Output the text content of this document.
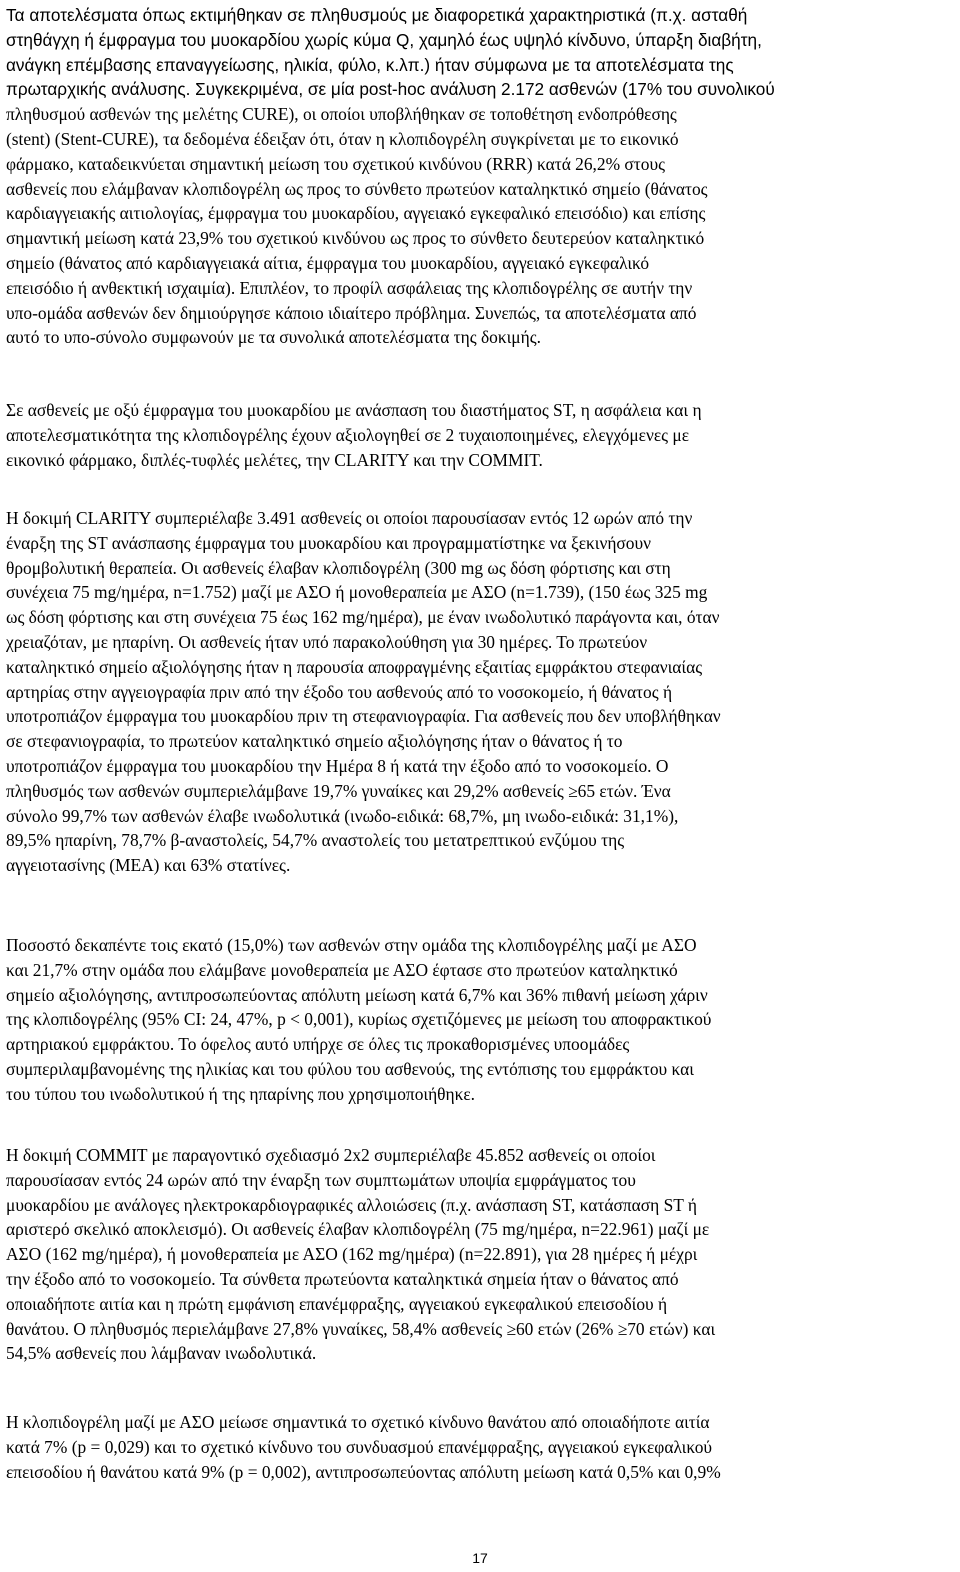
Τα αποτελέσματα όπως εκτιμήθηκαν σε πληθυσμούς με διαφορετικά χαρακτηριστικά (π.χ. ασταθή
στηθάγχη ή έμφραγμα του μυοκαρδίου χωρίς κύμα Q, χαμηλό έως υψηλό κίνδυνο, ύπαρξη διαβήτη,
ανάγκη επέμβασης επαναγγείωσης, ηλικία, φύλο, κ.λπ.) ήταν σύμφωνα με τα αποτελέσματα της
πρωταρχικής ανάλυσης. Συγκεκριμένα, σε μία post-hoc ανάλυση 2.172 ασθενών (17% του συνολικού
πληθυσμού ασθενών της μελέτης CURE), οι οποίοι υποβλήθηκαν σε τοποθέτηση ενδοπρόθεσης
(stent) (Stent-CURE), τα δεδομένα έδειξαν ότι, όταν η κλοπιδογρέλη συγκρίνεται με το εικονικό
φάρμακο, καταδεικνύεται σημαντική μείωση του σχετικού κινδύνου (RRR) κατά 26,2% στους
ασθενείς που ελάμβαναν κλοπιδογρέλη ως προς το σύνθετο πρωτεύον καταληκτικό σημείο (θάνατος
καρδιαγγειακής αιτιολογίας, έμφραγμα του μυοκαρδίου, αγγειακό εγκεφαλικό επεισόδιο) και επίσης
σημαντική μείωση κατά 23,9% του σχετικού κινδύνου ως προς το σύνθετο δευτερεύον καταληκτικό
σημείο (θάνατος από καρδιαγγειακά αίτια, έμφραγμα του μυοκαρδίου, αγγειακό εγκεφαλικό
επεισόδιο ή ανθεκτική ισχαιμία). Επιπλέον, το προφίλ ασφάλειας της κλοπιδογρέλης σε αυτήν την
υπο-ομάδα ασθενών δεν δημιούργησε κάποιο ιδιαίτερο πρόβλημα. Συνεπώς, τα αποτελέσματα από
αυτό το υπο-σύνολο συμφωνούν με τα συνολικά αποτελέσματα της δοκιμής.

Σε ασθενείς με οξύ έμφραγμα του μυοκαρδίου με ανάσπαση του διαστήματος ST, η ασφάλεια και η
αποτελεσματικότητα της κλοπιδογρέλης έχουν αξιολογηθεί σε 2 τυχαιοποιημένες, ελεγχόμενες με
εικονικό φάρμακο, διπλές-τυφλές μελέτες, την CLARITY και την COMMIT.

Η δοκιμή CLARITY συμπεριέλαβε 3.491 ασθενείς οι οποίοι παρουσίασαν εντός 12 ωρών από την
έναρξη της ST ανάσπασης έμφραγμα του μυοκαρδίου και προγραμματίστηκε να ξεκινήσουν
θρομβολυτική θεραπεία. Οι ασθενείς έλαβαν κλοπιδογρέλη (300 mg ως δόση φόρτισης και στη
συνέχεια 75 mg/ημέρα, n=1.752) μαζί με ΑΣΟ ή μονοθεραπεία με ΑΣΟ (n=1.739), (150 έως 325 mg
ως δόση φόρτισης και στη συνέχεια 75 έως 162 mg/ημέρα), με έναν ινωδολυτικό παράγοντα και, όταν
χρειαζόταν, με ηπαρίνη. Οι ασθενείς ήταν υπό παρακολούθηση για 30 ημέρες. Το πρωτεύον
καταληκτικό σημείο αξιολόγησης ήταν η παρουσία αποφραγμένης εξαιτίας εμφράκτου στεφανιαίας
αρτηρίας στην αγγειογραφία πριν από την έξοδο του ασθενούς από το νοσοκομείο, ή θάνατος ή
υποτροπιάζον έμφραγμα του μυοκαρδίου πριν τη στεφανιογραφία. Για ασθενείς που δεν υποβλήθηκαν
σε στεφανιογραφία, το πρωτεύον καταληκτικό σημείο αξιολόγησης ήταν ο θάνατος ή το
υποτροπιάζον έμφραγμα του μυοκαρδίου την Ημέρα 8 ή κατά την έξοδο από το νοσοκομείο. Ο
πληθυσμός των ασθενών συμπεριελάμβανε 19,7% γυναίκες και 29,2% ασθενείς ≥65 ετών. Ένα
σύνολο 99,7% των ασθενών έλαβε ινωδολυτικά (ινωδο-ειδικά: 68,7%, μη ινωδο-ειδικά: 31,1%),
89,5% ηπαρίνη, 78,7% β-αναστολείς, 54,7% αναστολείς του μετατρεπτικού ενζύμου της
αγγειοτασίνης (ΜΕΑ) και 63% στατίνες.

Ποσοστό δεκαπέντε τοις εκατό (15,0%) των ασθενών στην ομάδα της κλοπιδογρέλης μαζί με ΑΣΟ
και 21,7% στην ομάδα που ελάμβανε μονοθεραπεία με ΑΣΟ έφτασε στο πρωτεύον καταληκτικό
σημείο αξιολόγησης, αντιπροσωπεύοντας απόλυτη μείωση κατά 6,7% και 36% πιθανή μείωση χάριν
της κλοπιδογρέλης (95% CI: 24, 47%, p < 0,001), κυρίως σχετιζόμενες με μείωση του αποφρακτικού
αρτηριακού εμφράκτου. Το όφελος αυτό υπήρχε σε όλες τις προκαθορισμένες υποομάδες
συμπεριλαμβανομένης της ηλικίας και του φύλου του ασθενούς, της εντόπισης του εμφράκτου και
του τύπου του ινωδολυτικού ή της ηπαρίνης που χρησιμοποιήθηκε.

Η δοκιμή COMMIT με παραγοντικό σχεδιασμό 2x2 συμπεριέλαβε 45.852 ασθενείς οι οποίοι
παρουσίασαν εντός 24 ωρών από την έναρξη των συμπτωμάτων υποψία εμφράγματος του
μυοκαρδίου με ανάλογες ηλεκτροκαρδιογραφικές αλλοιώσεις (π.χ. ανάσπαση ST, κατάσπαση ST ή
αριστερό σκελικό αποκλεισμό). Οι ασθενείς έλαβαν κλοπιδογρέλη (75 mg/ημέρα, n=22.961) μαζί με
ΑΣΟ (162 mg/ημέρα), ή μονοθεραπεία με ΑΣΟ (162 mg/ημέρα) (n=22.891), για 28 ημέρες ή μέχρι
την έξοδο από το νοσοκομείο. Τα σύνθετα πρωτεύοντα καταληκτικά σημεία ήταν ο θάνατος από
οποιαδήποτε αιτία και η πρώτη εμφάνιση επανέμφραξης, αγγειακού εγκεφαλικού επεισοδίου ή
θανάτου. Ο πληθυσμός περιελάμβανε 27,8% γυναίκες, 58,4% ασθενείς ≥60 ετών (26% ≥70 ετών) και
54,5% ασθενείς που λάμβαναν ινωδολυτικά.

Η κλοπιδογρέλη μαζί με ΑΣΟ μείωσε σημαντικά το σχετικό κίνδυνο θανάτου από οποιαδήποτε αιτία
κατά 7% (p = 0,029) και το σχετικό κίνδυνο του συνδυασμού επανέμφραξης, αγγειακού εγκεφαλικού
επεισοδίου ή θανάτου κατά 9% (p = 0,002), αντιπροσωπεύοντας απόλυτη μείωση κατά 0,5% και 0,9%

17
